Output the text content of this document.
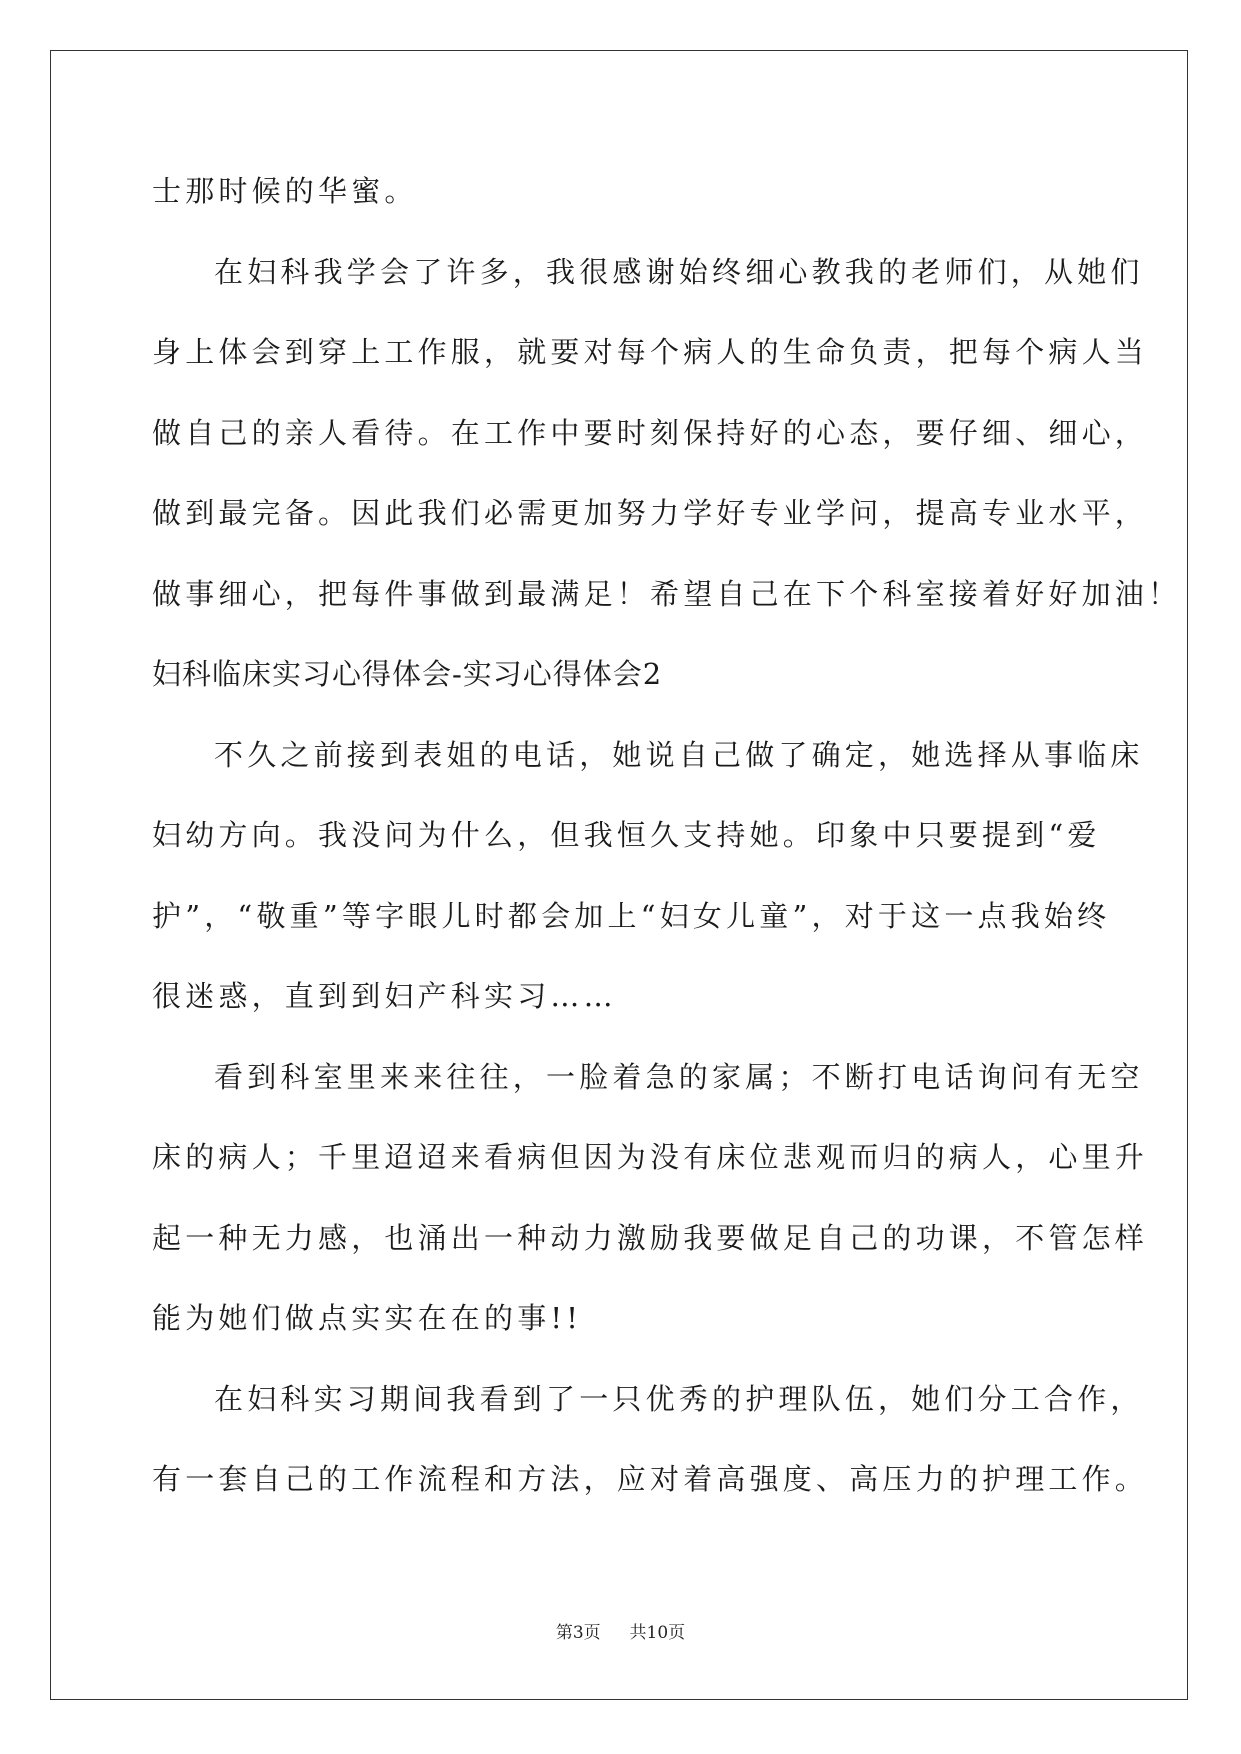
士那时候的华蜜。
在妇科我学会了许多，我很感谢始终细心教我的老师们，从她们
身上体会到穿上工作服，就要对每个病人的生命负责，把每个病人当
做自己的亲人看待。在工作中要时刻保持好的心态，要仔细、细心，
做到最完备。因此我们必需更加努力学好专业学问，提高专业水平，
做事细心，把每件事做到最满足！希望自己在下个科室接着好好加油！
妇科临床实习心得体会-实习心得体会2
不久之前接到表姐的电话，她说自己做了确定，她选择从事临床
妇幼方向。我没问为什么，但我恒久支持她。印象中只要提到“爱
护”，“敬重”等字眼儿时都会加上“妇女儿童”，对于这一点我始终
很迷惑，直到到妇产科实习……
看到科室里来来往往，一脸着急的家属；不断打电话询问有无空
床的病人；千里迢迢来看病但因为没有床位悲观而归的病人，心里升
起一种无力感，也涌出一种动力激励我要做足自己的功课，不管怎样
能为她们做点实实在在的事!!
在妇科实习期间我看到了一只优秀的护理队伍，她们分工合作，
有一套自己的工作流程和方法，应对着高强度、高压力的护理工作。
第3页 共10页
